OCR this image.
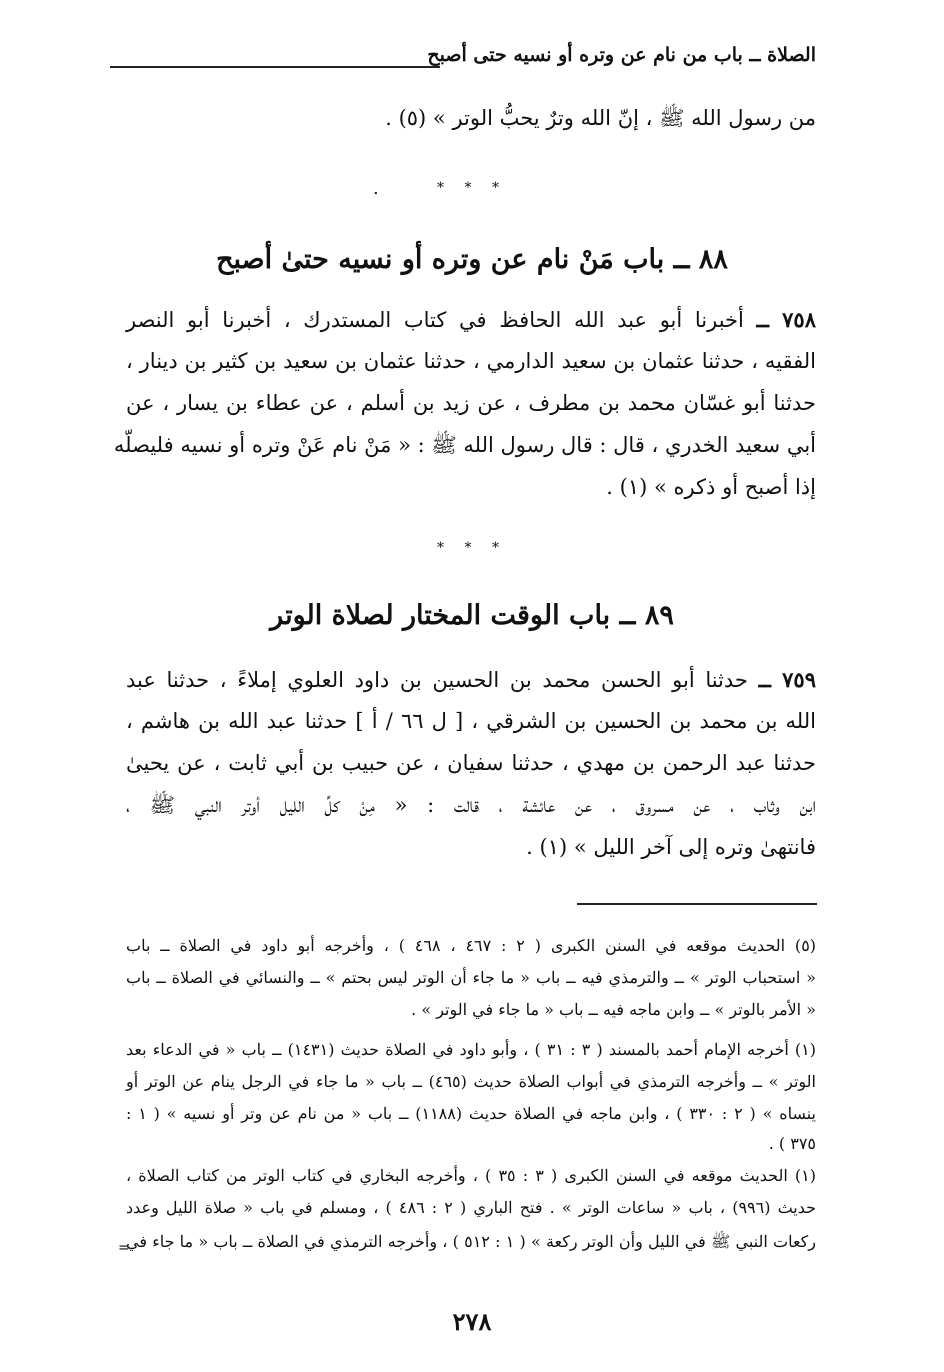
الصلاة ــ باب من نام عن وتره أو نسيه حتى أصبح
من رسول الله ﷺ ، إنّ الله وترٌ يحبُّ الوتر » (٥) .
.	* * *
٨٨ ــ باب مَنْ نام عن وتره أو نسيه حتىٰ أصبح
٧٥٨ ــ أخبرنا أبو عبد الله الحافظ في كتاب المستدرك ، أخبرنا أبو النصر
الفقيه ، حدثنا عثمان بن سعيد الدارمي ، حدثنا عثمان بن سعيد بن كثير بن دينار ،
حدثنا أبو غسّان محمد بن مطرف ، عن زيد بن أسلم ، عن عطاء بن يسار ، عن
أبي سعيد الخدري ، قال : قال رسول الله ﷺ : « مَنْ نام عَنْ وتره أو نسيه فليصلّه
إذا أصبح أو ذكره » (١) .
* * *
٨٩ ــ باب الوقت المختار لصلاة الوتر
٧٥٩ ــ حدثنا أبو الحسن محمد بن الحسين بن داود العلوي إملاءً ، حدثنا عبد
الله بن محمد بن الحسين بن الشرقي ، [ ل ٦٦ / أ ] حدثنا عبد الله بن هاشم ،
حدثنا عبد الرحمن بن مهدي ، حدثنا سفيان ، عن حبيب بن أبي ثابت ، عن يحيىٰ
ابن وثاب ، عن مسروق ، عن عائشة ، قالت : « مِنْ كلِّ الليل أوتر النبي ﷺ ،
فانتهىٰ وتره إلى آخر الليل » (١) .
(٥) الحديث موقعه في السنن الكبرى ( ٢ : ٤٦٧ ، ٤٦٨ ) ، وأخرجه أبو داود في الصلاة ــ باب
« استحباب الوتر » ــ والترمذي فيه ــ باب « ما جاء أن الوتر ليس بحتم » ــ والنسائي في الصلاة ــ باب
« الأمر بالوتر » ــ وابن ماجه فيه ــ باب « ما جاء في الوتر » .
(١) أخرجه الإمام أحمد بالمسند ( ٣ : ٣١ ) ، وأبو داود في الصلاة حديث (١٤٣١) ــ باب « في الدعاء بعد
الوتر » ــ وأخرجه الترمذي في أبواب الصلاة حديث (٤٦٥) ــ باب « ما جاء في الرجل ينام عن الوتر أو
ينساه » ( ٢ : ٣٣٠ ) ، وابن ماجه في الصلاة حديث (١١٨٨) ــ باب « من نام عن وتر أو نسيه » ( ١ :
٣٧٥ ) .
(١) الحديث موقعه في السنن الكبرى ( ٣ : ٣٥ ) ، وأخرجه البخاري في كتاب الوتر من كتاب الصلاة ،
حديث (٩٩٦) ، باب « ساعات الوتر » . فتح الباري ( ٢ : ٤٨٦ ) ، ومسلم في باب « صلاة الليل وعدد
ركعات النبي ﷺ في الليل وأن الوتر ركعة » ( ١ : ٥١٢ ) ، وأخرجه الترمذي في الصلاة ــ باب « ما جاء في
=
٢٧٨
